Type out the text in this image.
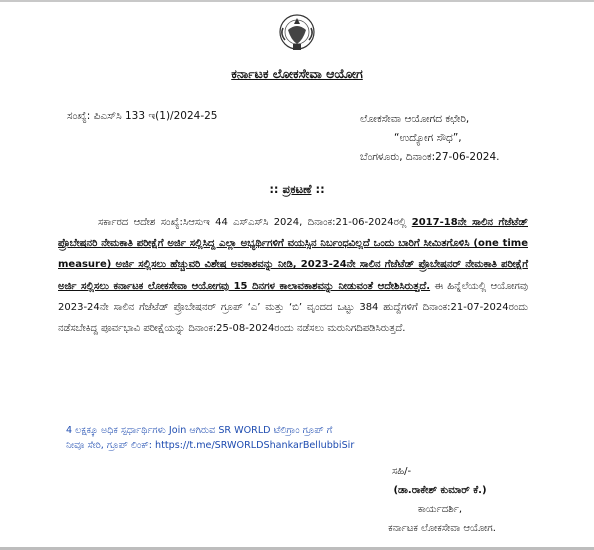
ಕರ್ನಾಟಕ ಲೋಕಸೇವಾ ಆಯೋಗ
ಸಂಖ್ಯೆ: ಪಿಎಸ್‌ಸಿ 133 ಇ(1)/2024-25	ಲೋಕಸೇವಾ ಆಯೋಗದ ಕಛೇರಿ,
“ಉದ್ಯೋಗ ಸೌಧ”,
ಬೆಂಗಳೂರು, ದಿನಾಂಕ:27-06-2024.
:: ಪ್ರಕಟಣೆ ::
ಸರ್ಕಾರದ ಆದೇಶ ಸಂಖ್ಯೆ:ಸಿಆಸುಇ 44 ಎಸ್‌ಎಸ್‌ಸಿ 2024, ದಿನಾಂಕ:21-06-2024ರಲ್ಲಿ 2017-18ನೇ ಸಾಲಿನ ಗೆಜೆಟೆಡ್ ಪ್ರೊಬೇಷನರಿ ನೇಮಕಾತಿ ಪರೀಕ್ಷೆಗೆ ಅರ್ಜಿ ಸಲ್ಲಿಸಿದ್ದ ಎಲ್ಲಾ ಅಭ್ಯರ್ಥಿಗಳಿಗೆ ವಯಸ್ಸಿನ ನಿರ್ಬಂಧವಿಲ್ಲದೆ ಒಂದು ಬಾರಿಗೆ ಸೀಮಿತಗೊಳಿಸಿ (one time measure) ಅರ್ಜಿ ಸಲ್ಲಿಸಲು ಹೆಚ್ಚುವರಿ ವಿಶೇಷ ಅವಕಾಶವನ್ನು ನೀಡಿ, 2023-24ನೇ ಸಾಲಿನ ಗೆಜೆಟೆಡ್ ಪ್ರೊಬೇಷನರ್ ನೇಮಕಾತಿ ಪರೀಕ್ಷೆಗೆ ಅರ್ಜಿ ಸಲ್ಲಿಸಲು ಕರ್ನಾಟಕ ಲೋಕಸೇವಾ ಆಯೋಗವು 15 ದಿನಗಳ ಕಾಲಾವಕಾಶವನ್ನು ನೀಡುವಂತೆ ಆದೇಶಿಸಿರುತ್ತದೆ. ಈ ಹಿನ್ನೆಲೆಯಲ್ಲಿ ಆಯೋಗವು 2023-24ನೇ ಸಾಲಿನ ಗೆಜೆಟೆಡ್ ಪ್ರೊಬೇಷನರ್ ಗ್ರೂಪ್ ‘ಎ’ ಮತ್ತು ‘ಬಿ’ ವೃಂದದ ಒಟ್ಟು 384 ಹುದ್ದೆಗಳಿಗೆ ದಿನಾಂಕ:21-07-2024ರಂದು ನಡೆಸಬೇಕಿದ್ದ ಪೂರ್ವಭಾವಿ ಪರೀಕ್ಷೆಯನ್ನು ದಿನಾಂಕ:25-08-2024ರಂದು ನಡೆಸಲು ಮರುನಿಗದಿಪಡಿಸಿರುತ್ತದೆ.
4 ಲಕ್ಷಕ್ಕೂ ಅಧಿಕ ಸ್ಪರ್ಧಾರ್ಥಿಗಳು Join ಆಗಿರುವ SR WORLD ಟೆಲಿಗ್ರಾಂ ಗ್ರೂಪ್ ಗೆ
ನೀವೂ ಸೇರಿ, ಗ್ರೂಪ್ ಲಿಂಕ್: https://t.me/SRWORLDShankarBellubbiSir
ಸಹಿ/-
(ಡಾ.ರಾಕೇಶ್ ಕುಮಾರ್ ಕೆ.)
ಕಾರ್ಯದರ್ಶಿ,
ಕರ್ನಾಟಕ ಲೋಕಸೇವಾ ಆಯೋಗ.
